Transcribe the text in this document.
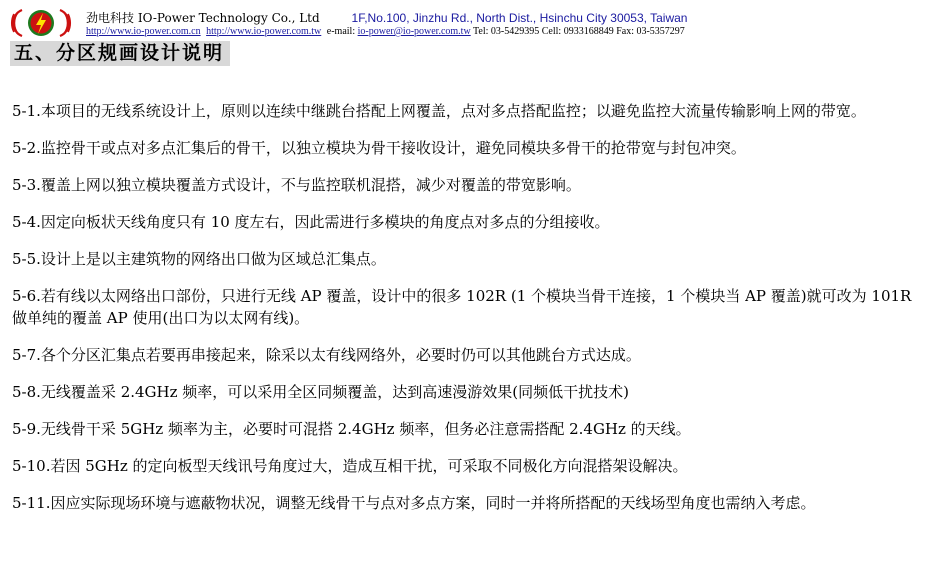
劲电科技 IO-Power Technology Co., Ltd	1F,No.100, Jinzhu Rd., North Dist., Hsinchu City 30053, Taiwan
http://www.io-power.com.cn http://www.io-power.com.tw e-mail: io-power@io-power.com.tw Tel: 03-5429395 Cell: 0933168849 Fax: 03-5357297
五、分区规画设计说明

5-1.本项目的无线系统设计上，原则以连续中继跳台搭配上网覆盖，点对多点搭配监控；以避免监控大流量传输影响上网的带宽。

5-2.监控骨干或点对多点汇集后的骨干，以独立模块为骨干接收设计，避免同模块多骨干的抢带宽与封包冲突。

5-3.覆盖上网以独立模块覆盖方式设计，不与监控联机混搭，减少对覆盖的带宽影响。

5-4.因定向板状天线角度只有 10 度左右，因此需进行多模块的角度点对多点的分组接收。

5-5.设计上是以主建筑物的网络出口做为区域总汇集点。

5-6.若有线以太网络出口部份，只进行无线 AP 覆盖，设计中的很多 102R (1 个模块当骨干连接，1 个模块当 AP 覆盖)就可改为 101R 做单纯的覆盖 AP 使用(出口为以太网有线)。

5-7.各个分区汇集点若要再串接起来，除采以太有线网络外，必要时仍可以其他跳台方式达成。

5-8.无线覆盖采 2.4GHz 频率，可以采用全区同频覆盖，达到高速漫游效果(同频低干扰技术)

5-9.无线骨干采 5GHz 频率为主，必要时可混搭 2.4GHz 频率，但务必注意需搭配 2.4GHz 的天线。

5-10.若因 5GHz 的定向板型天线讯号角度过大，造成互相干扰，可采取不同极化方向混搭架设解决。

5-11.因应实际现场环境与遮蔽物状况，调整无线骨干与点对多点方案，同时一并将所搭配的天线场型角度也需纳入考虑。
